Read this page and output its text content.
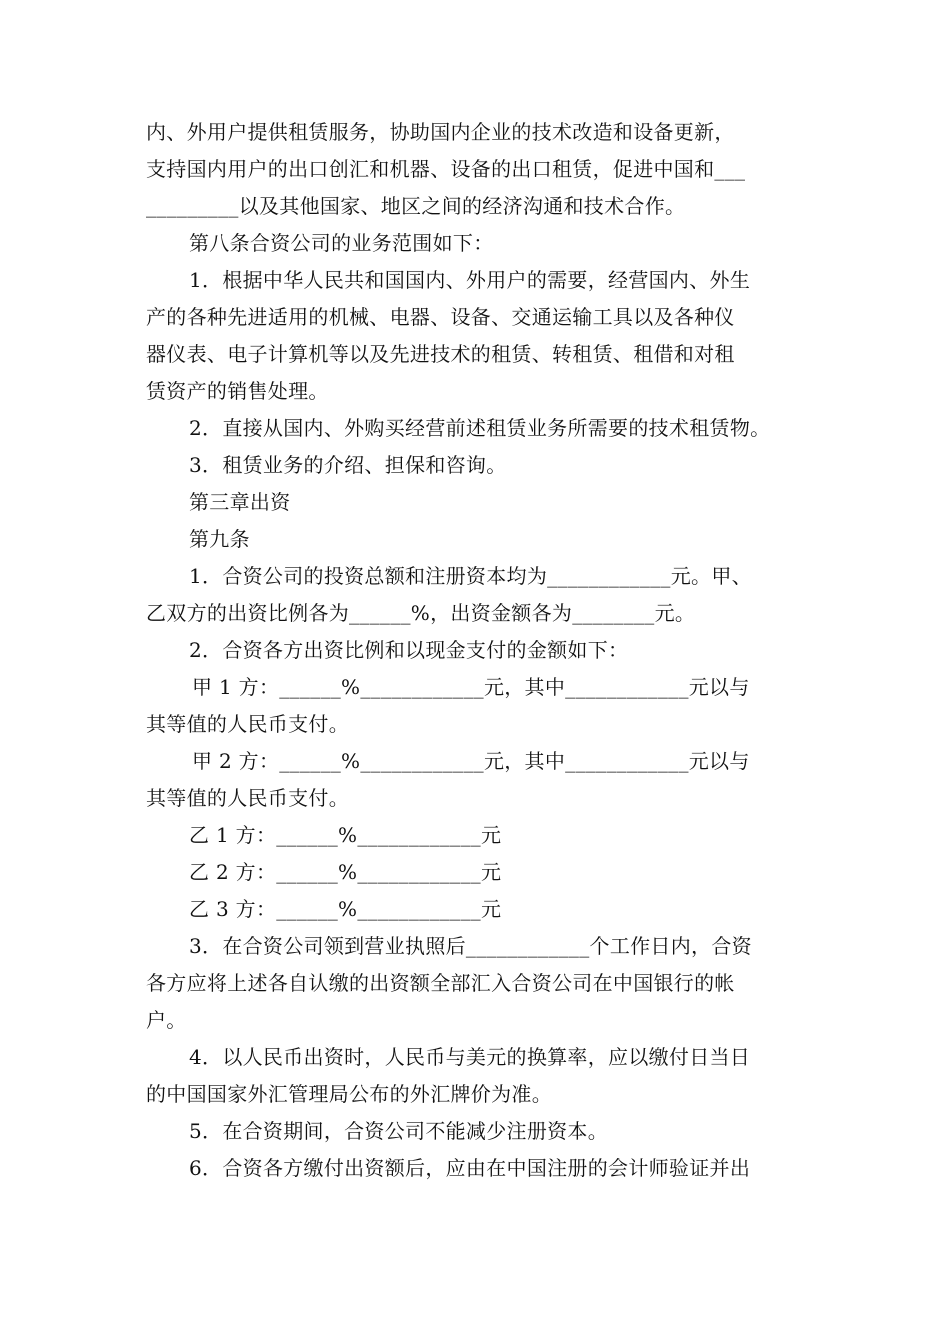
内、外用户提供租赁服务，协助国内企业的技术改造和设备更新，
支持国内用户的出口创汇和机器、设备的出口租赁，促进中国和___
_________以及其他国家、地区之间的经济沟通和技术合作。
第八条合资公司的业务范围如下：
1．根据中华人民共和国国内、外用户的需要，经营国内、外生
产的各种先进适用的机械、电器、设备、交通运输工具以及各种仪
器仪表、电子计算机等以及先进技术的租赁、转租赁、租借和对租
赁资产的销售处理。
2．直接从国内、外购买经营前述租赁业务所需要的技术租赁物。
3．租赁业务的介绍、担保和咨询。
第三章出资
第九条
1．合资公司的投资总额和注册资本均为____________元。甲、
乙双方的出资比例各为______%，出资金额各为________元。
2．合资各方出资比例和以现金支付的金额如下：
甲 1 方：______%____________元，其中____________元以与
其等值的人民币支付。
甲 2 方：______%____________元，其中____________元以与
其等值的人民币支付。
乙 1 方：______%____________元
乙 2 方：______%____________元
乙 3 方：______%____________元
3．在合资公司领到营业执照后____________个工作日内，合资
各方应将上述各自认缴的出资额全部汇入合资公司在中国银行的帐
户。
4．以人民币出资时，人民币与美元的换算率，应以缴付日当日
的中国国家外汇管理局公布的外汇牌价为准。
5．在合资期间，合资公司不能减少注册资本。
6．合资各方缴付出资额后，应由在中国注册的会计师验证并出
